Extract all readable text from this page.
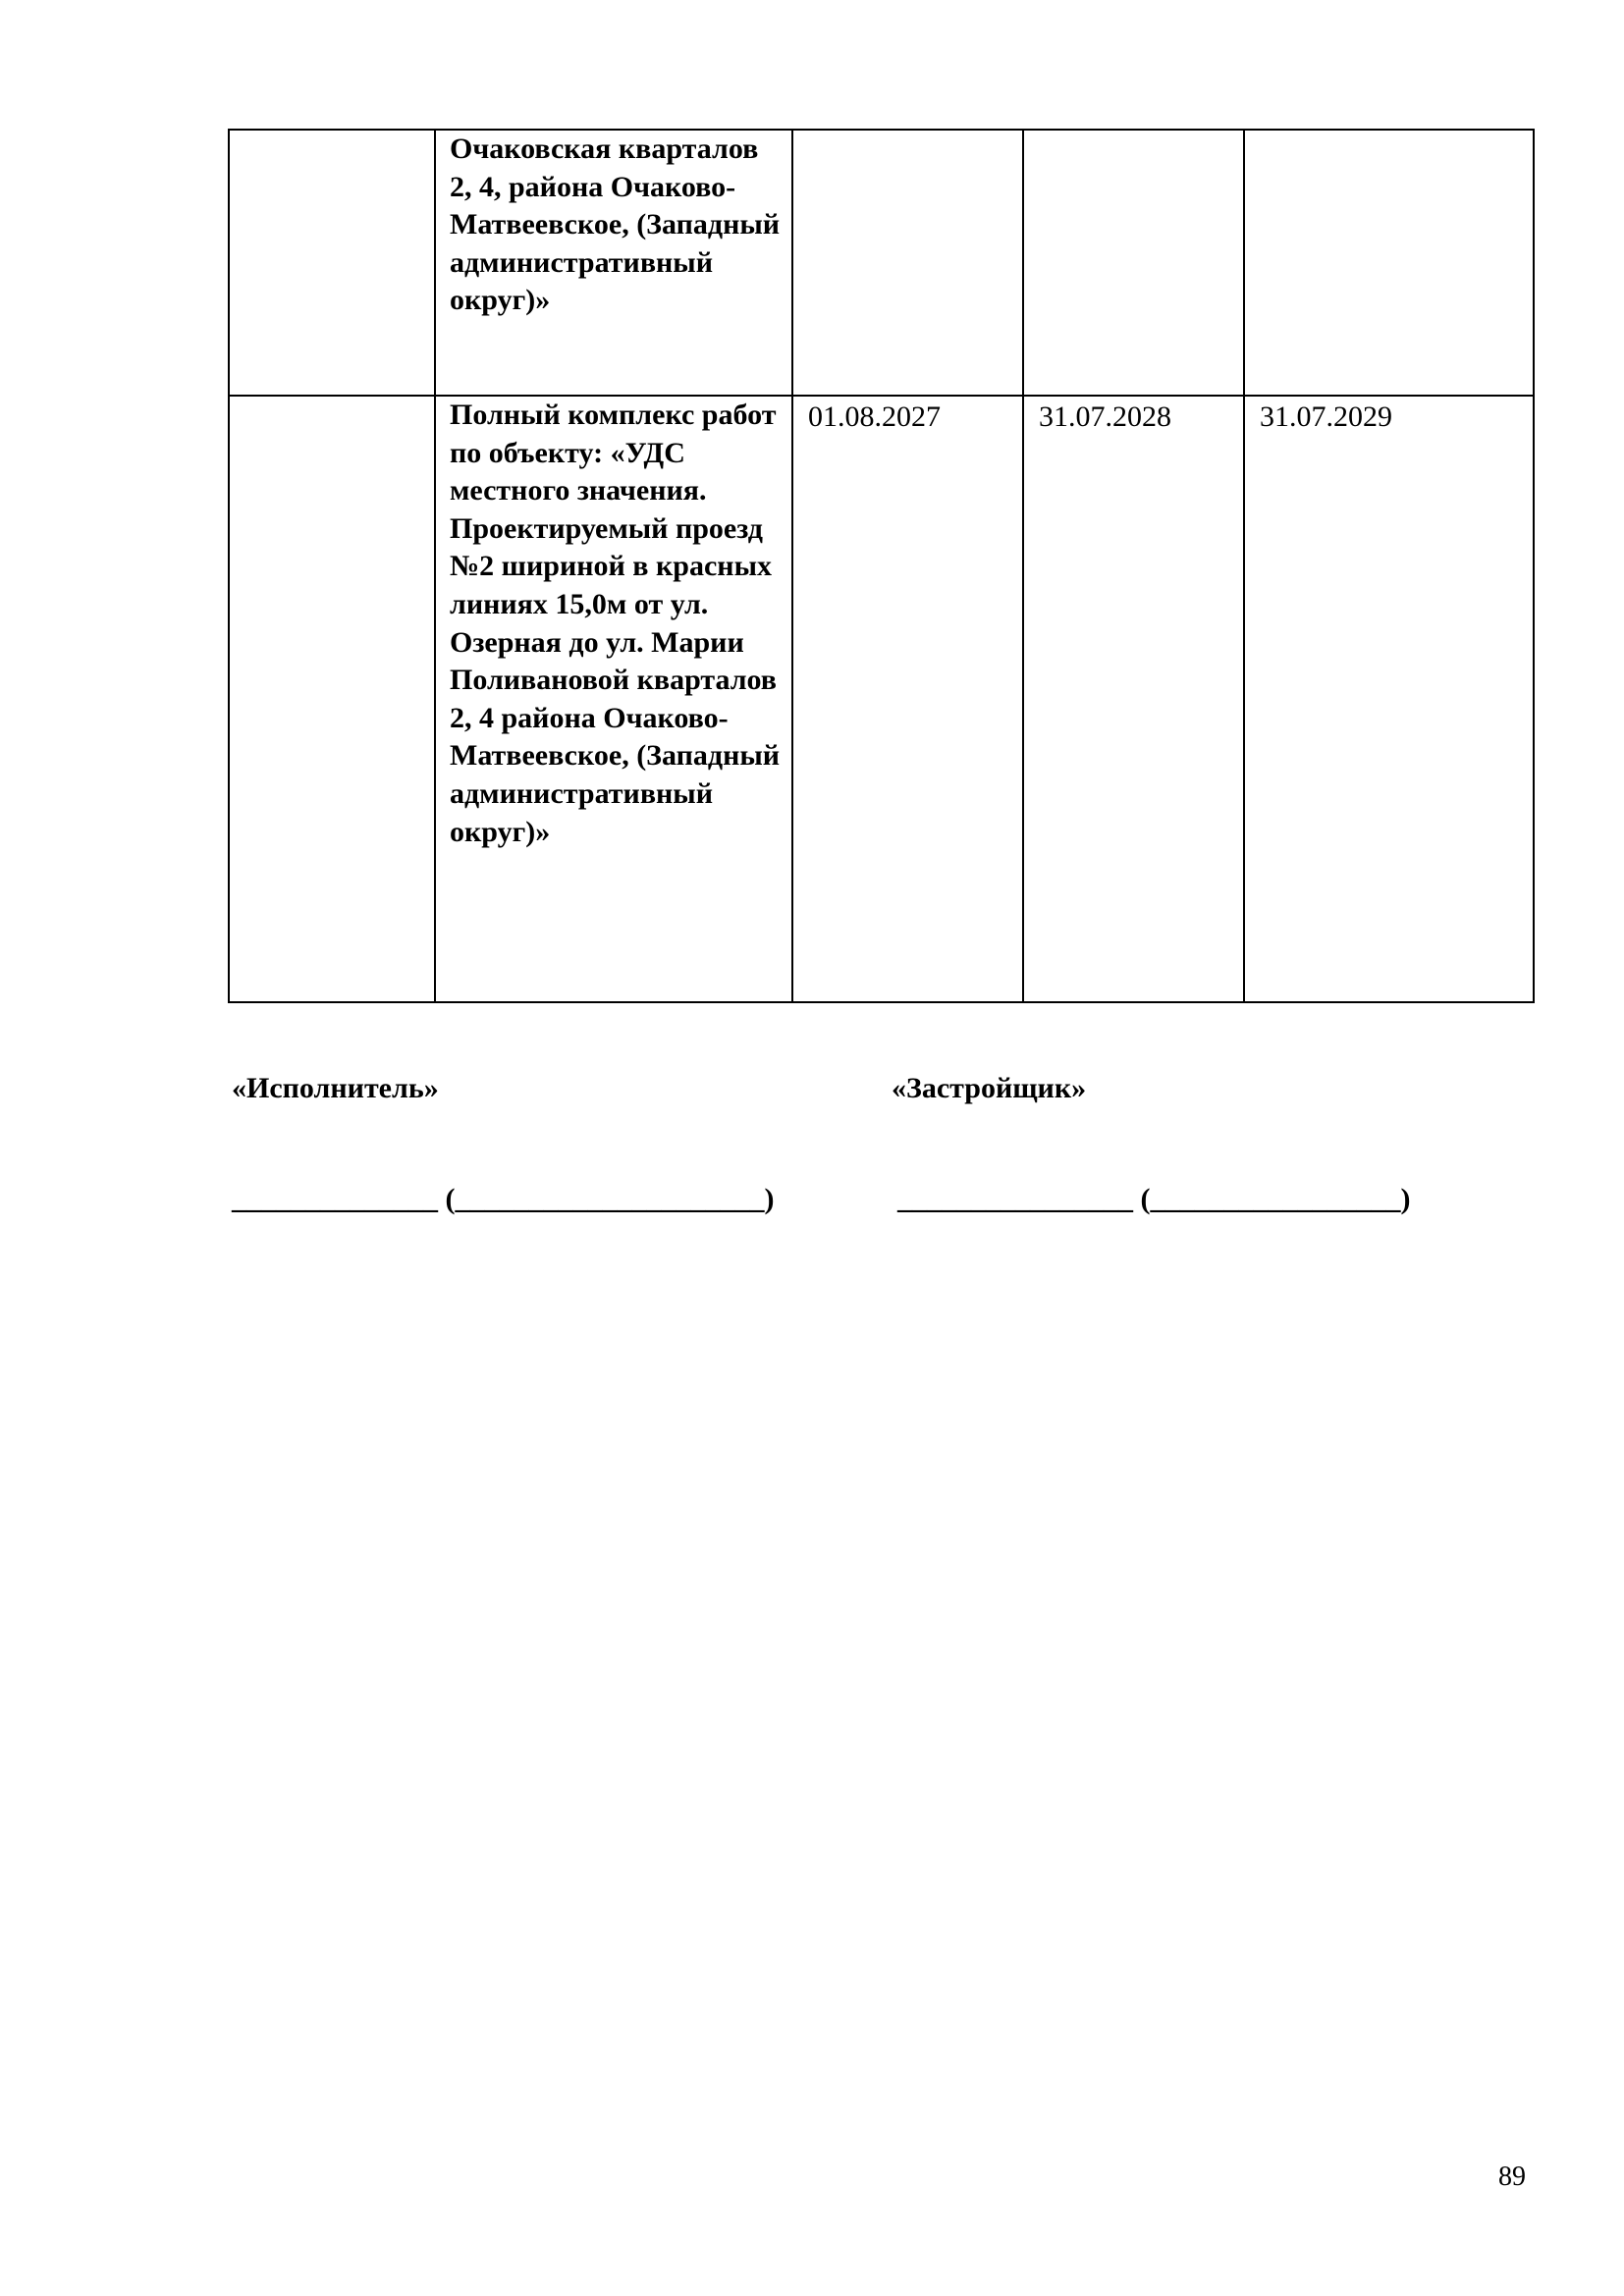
	Очаковская кварталов 2, 4, района Очаково-Матвеевское, (Западный административный округ)»			
	Полный комплекс работ по объекту: «УДС местного значения. Проектируемый проезд №2 шириной в красных линиях 15,0м от ул. Озерная до ул. Марии Поливановой кварталов 2, 4 района Очаково-Матвеевское, (Западный административный округ)»	01.08.2027	31.07.2028	31.07.2029
«Исполнитель»	«Застройщик»
______________ (_____________________)	________________ (_________________)
89
